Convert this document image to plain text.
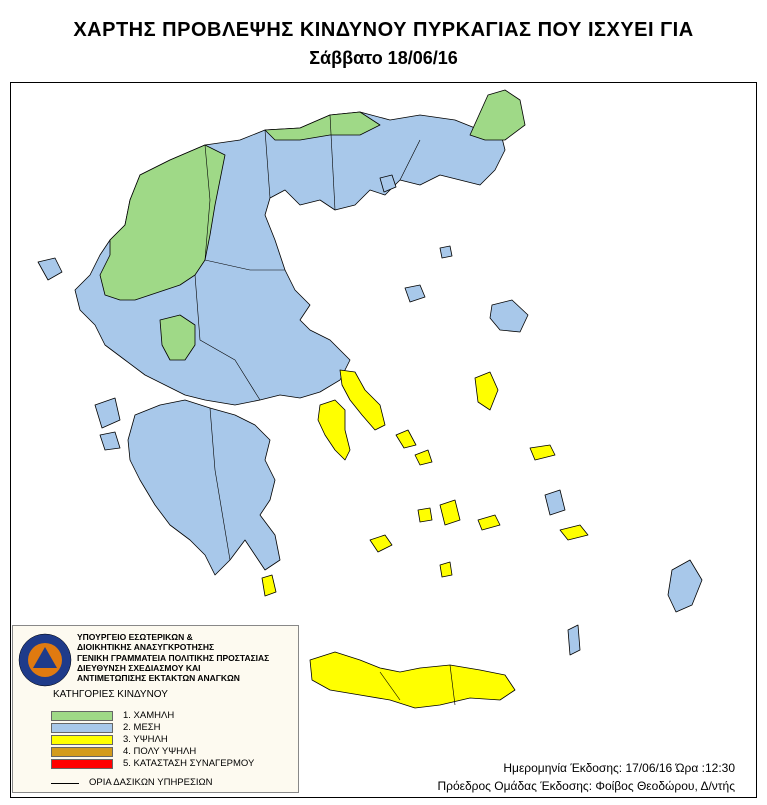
ΧΑΡΤΗΣ ΠΡΟΒΛΕΨΗΣ ΚΙΝΔΥΝΟΥ ΠΥΡΚΑΓΙΑΣ ΠΟΥ ΙΣΧΥΕΙ ΓΙΑ
Σάββατο 18/06/16
ΥΠΟΥΡΓΕΙΟ ΕΣΩΤΕΡΙΚΩΝ &
ΔΙΟΙΚΗΤΙΚΗΣ ΑΝΑΣΥΓΚΡΟΤΗΣΗΣ
ΓΕΝΙΚΗ ΓΡΑΜΜΑΤΕΙΑ ΠΟΛΙΤΙΚΗΣ ΠΡΟΣΤΑΣΙΑΣ
ΔΙΕΥΘΥΝΣΗ ΣΧΕΔΙΑΣΜΟΥ ΚΑΙ
ΑΝΤΙΜΕΤΩΠΙΣΗΣ ΕΚΤΑΚΤΩΝ ΑΝΑΓΚΩΝ
ΚΑΤΗΓΟΡΙΕΣ ΚΙΝΔΥΝΟΥ
1. ΧΑΜΗΛΗ
2. ΜΕΣΗ
3. ΥΨΗΛΗ
4. ΠΟΛΥ ΥΨΗΛΗ
5. ΚΑΤΑΣΤΑΣΗ ΣΥΝΑΓΕΡΜΟΥ
ΟΡΙΑ ΔΑΣΙΚΩΝ ΥΠΗΡΕΣΙΩΝ
Ημερομηνία Έκδοσης: 17/06/16 Ώρα :12:30
Πρόεδρος Ομάδας Έκδοσης: Φοίβος Θεοδώρου, Δ/ντής
